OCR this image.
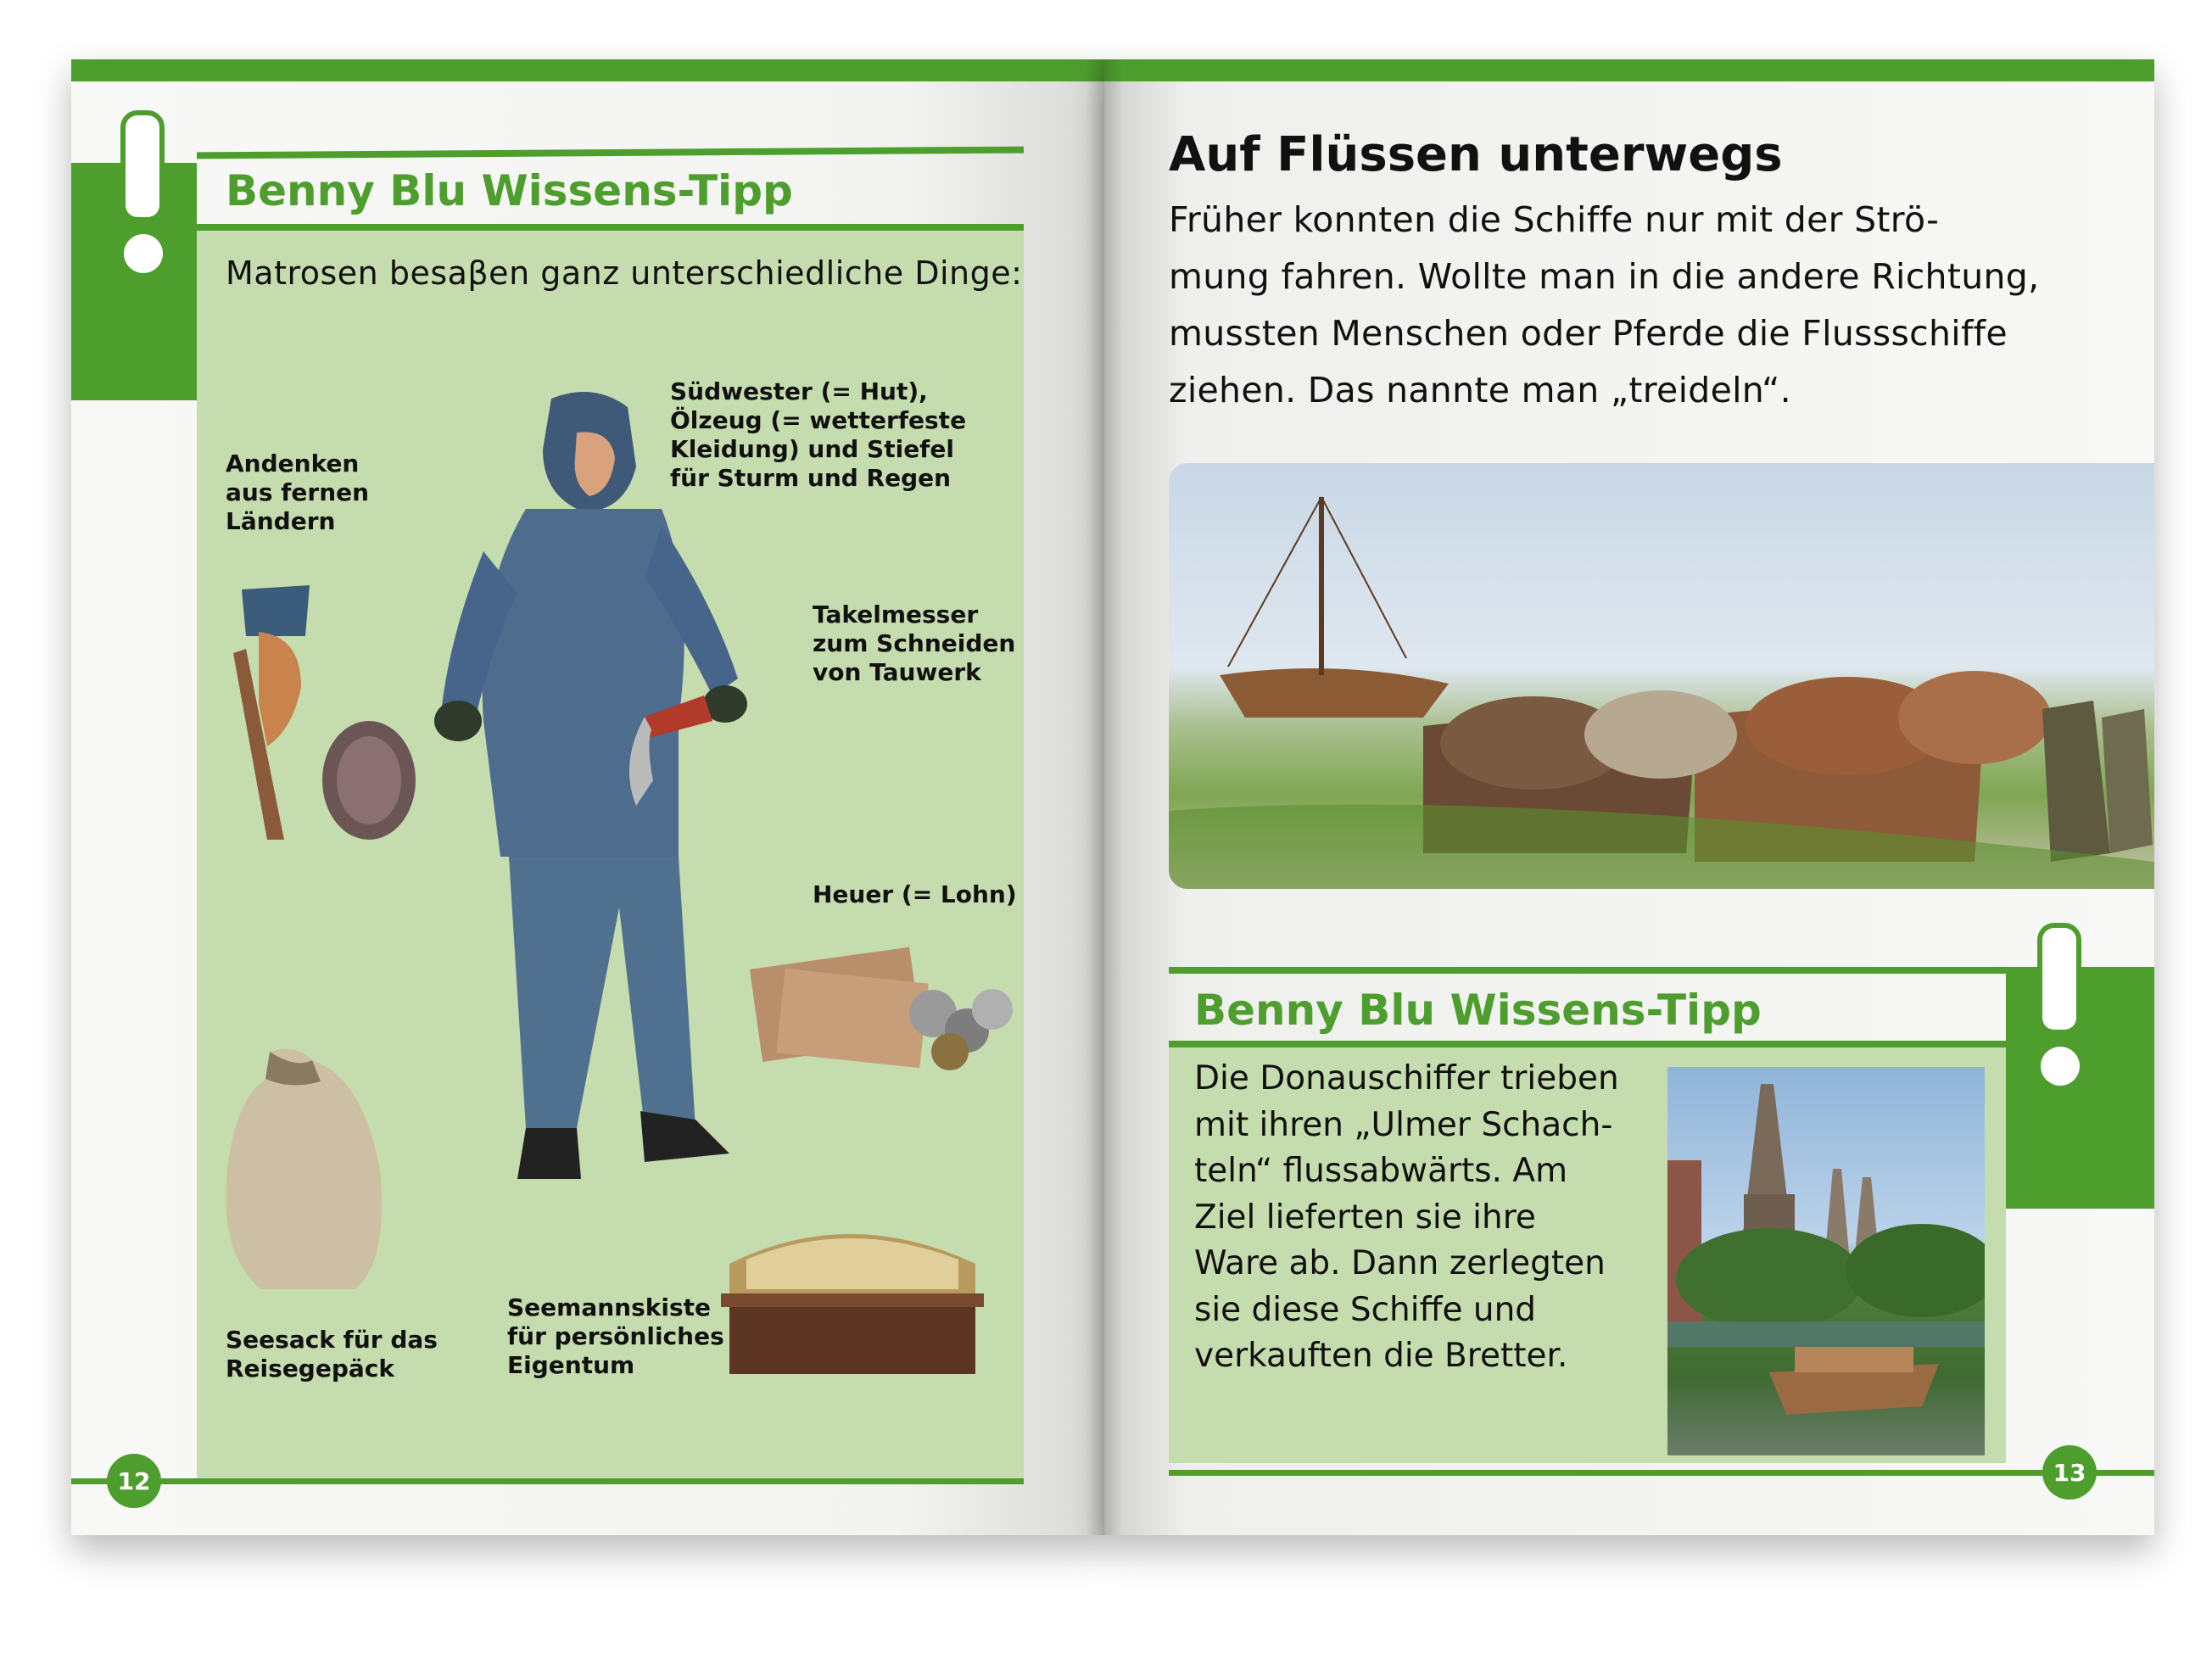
Benny Blu Wissens-Tipp
Matrosen besaβen ganz unterschiedliche Dinge:
Andenken
aus fernen
Ländern
Südwester (= Hut),
Ölzeug (= wetterfeste
Kleidung) und Stiefel
für Sturm und Regen
Takelmesser
zum Schneiden
von Tauwerk
Heuer (= Lohn)
Seesack für das
Reisegepäck
Seemannskiste
für persönliches
Eigentum
12
Auf Flüssen unterwegs
Früher konnten die Schiffe nur mit der Strö-
mung fahren. Wollte man in die andere Richtung,
mussten Menschen oder Pferde die Flussschiffe
ziehen. Das nannte man „treideln“.
Benny Blu Wissens-Tipp
Die Donauschiffer trieben
mit ihren „Ulmer Schach-
teln“ flussabwärts. Am
Ziel lieferten sie ihre
Ware ab. Dann zerlegten
sie diese Schiffe und
verkauften die Bretter.
13
